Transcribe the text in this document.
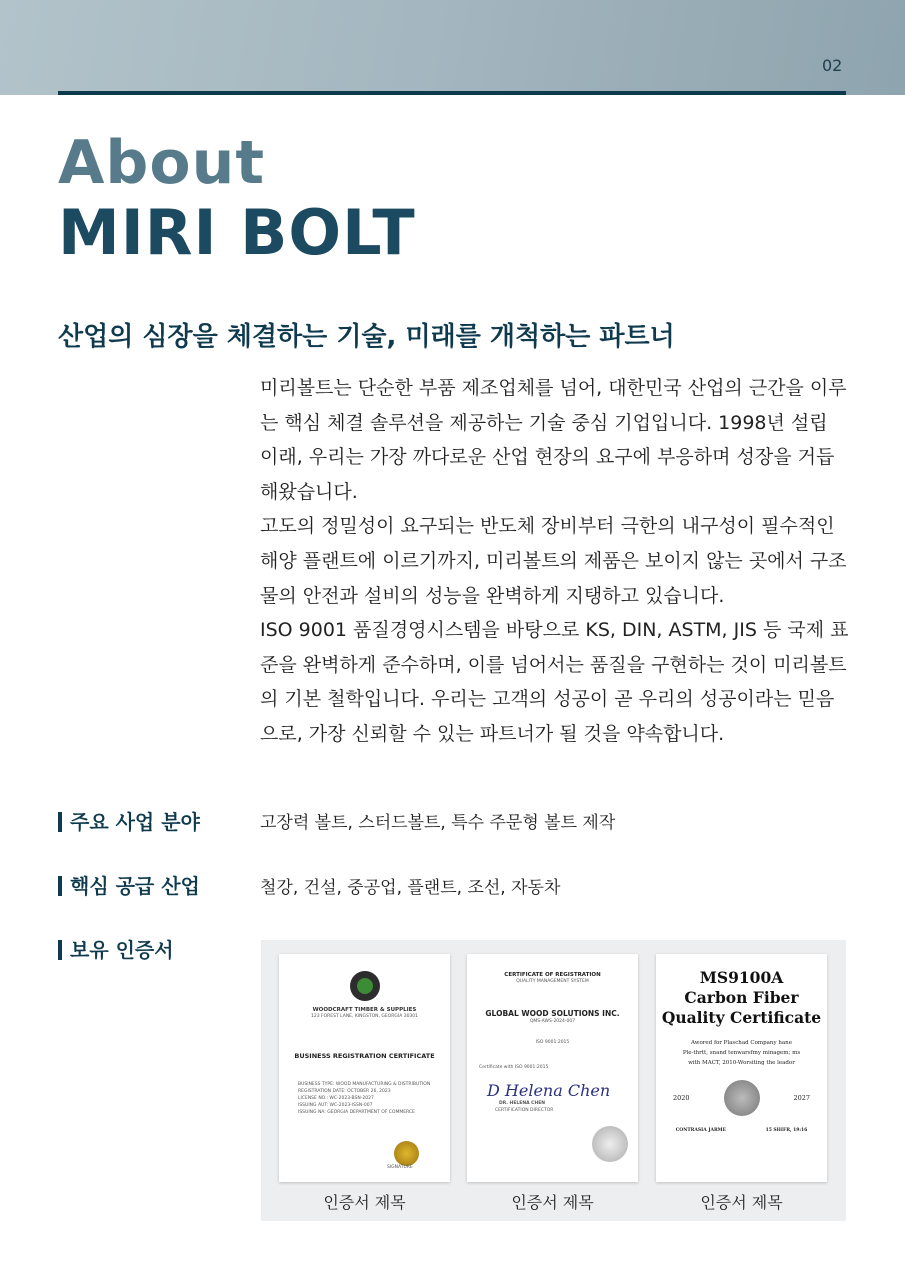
02
About
MIRI BOLT
산업의 심장을 체결하는 기술, 미래를 개척하는 파트너

미리볼트는 단순한 부품 제조업체를 넘어, 대한민국 산업의 근간을 이루는 핵심 체결 솔루션을 제공하는 기술 중심 기업입니다. 1998년 설립 이래, 우리는 가장 까다로운 산업 현장의 요구에 부응하며 성장을 거듭해왔습니다.

고도의 정밀성이 요구되는 반도체 장비부터 극한의 내구성이 필수적인 해양 플랜트에 이르기까지, 미리볼트의 제품은 보이지 않는 곳에서 구조물의 안전과 설비의 성능을 완벽하게 지탱하고 있습니다.

ISO 9001 품질경영시스템을 바탕으로 KS, DIN, ASTM, JIS 등 국제 표준을 완벽하게 준수하며, 이를 넘어서는 품질을 구현하는 것이 미리볼트의 기본 철학입니다. 우리는 고객의 성공이 곧 우리의 성공이라는 믿음으로, 가장 신뢰할 수 있는 파트너가 될 것을 약속합니다.

주요 사업 분야	고장력 볼트, 스터드볼트, 특수 주문형 볼트 제작
핵심 공급 산업	철강, 건설, 중공업, 플랜트, 조선, 자동차
보유 인증서
WOODCRAFT TIMBER & SUPPLIES
123 FOREST LANE, KINGSTON, GEORGIA 30301
BUSINESS REGISTRATION CERTIFICATE
BUSINESS TYPE: WOOD MANUFACTURING & DISTRIBUTION
REGISTRATION DATE: OCTOBER 26, 2023
LICENSE NO.: WC-2023-BSN-2027
ISSUING AUT: WC-2023-ISSN-007
ISSUING NA: GEORGIA DEPARTMENT OF COMMERCE
SIGNATURE
인증서 제목
CERTIFICATE OF REGISTRATION
QUALITY MANAGEMENT SYSTEM
GLOBAL WOOD SOLUTIONS INC.
QMS-AWS-2024-007
ISO 9001:2015
Certificate with ISO 9001:2015
D Helena Chen
DR. HELENA CHEN
CERTIFICATION DIRECTOR
인증서 제목
MS9100A
Carbon Fiber
Quality Certificate
Awored for Plaschad Company hane
Ple-thrtt, snand tenwarsfmy minagem; ms
with MACT, 2010-Worsiting the leador
2020	2027
CONTRASIA JARME	15 SHIFR, 19:16
인증서 제목
